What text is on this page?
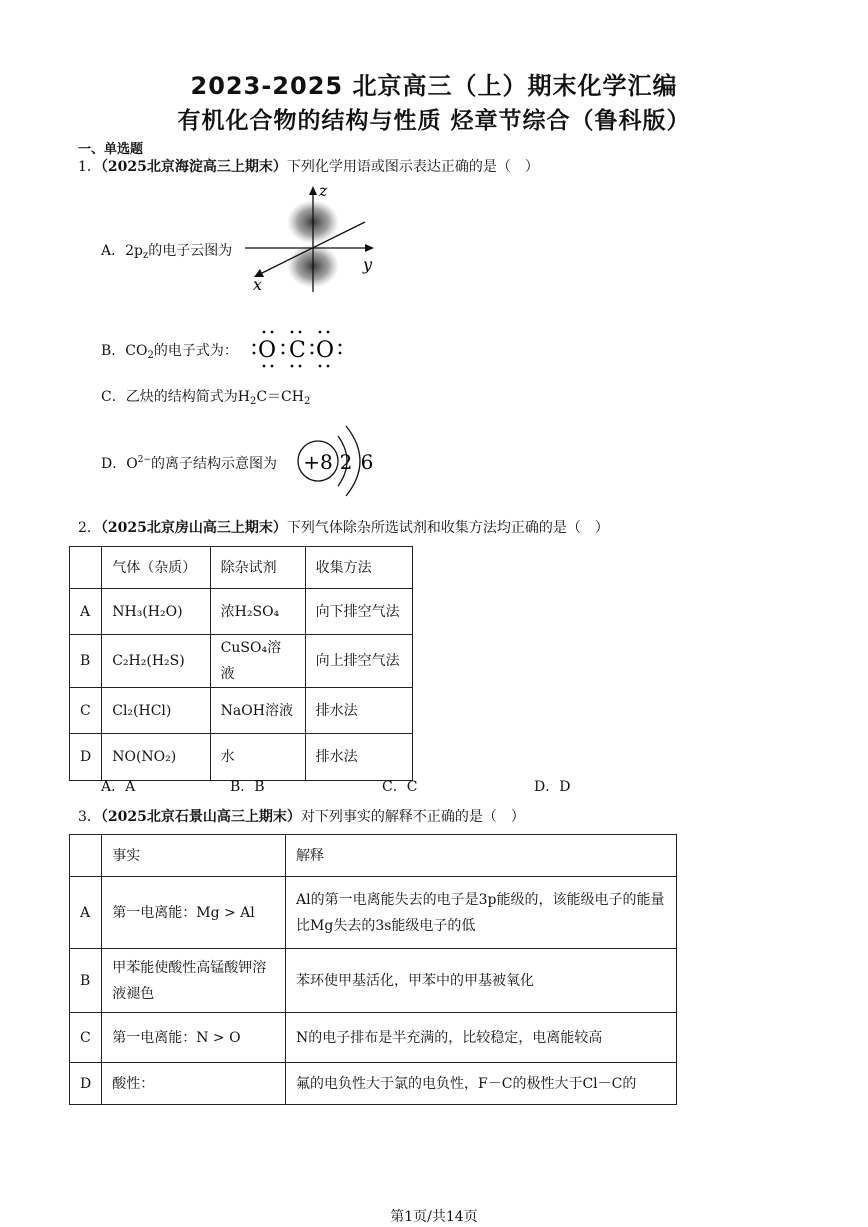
2023-2025 北京高三（上）期末化学汇编
有机化合物的结构与性质 烃章节综合（鲁科版）
一、单选题
1．（2025北京海淀高三上期末）下列化学用语或图示表达正确的是（　）
A．$2p_z$的电子云图为
z
y
x
B．$CO_2$的电子式为： O C O
C．乙炔的结构简式为$H_2C=CH_2$
D．$O^{2-}$的离子结构示意图为 +8 2 6
2．（2025北京房山高三上期末）下列气体除杂所选试剂和收集方法均正确的是（　）
	气体（杂质）	除杂试剂	收集方法
A	NH₃(H₂O)	浓H₂SO₄	向下排空气法
B	C₂H₂(H₂S)	CuSO₄溶液	向上排空气法
C	Cl₂(HCl)	NaOH溶液	排水法
D	NO(NO₂)	水	排水法
A．A	B．B	C．C	D．D
3．（2025北京石景山高三上期末）对下列事实的解释不正确的是（　）
	事实	解释
A	第一电离能：Mg > Al	Al的第一电离能失去的电子是3p能级的，该能级电子的能量比Mg失去的3s能级电子的低
B	甲苯能使酸性高锰酸钾溶液褪色	苯环使甲基活化，甲苯中的甲基被氧化
C	第一电离能：N > O	N的电子排布是半充满的，比较稳定，电离能较高
D	酸性：	氟的电负性大于氯的电负性，F－C的极性大于Cl－C的
第1页/共14页
